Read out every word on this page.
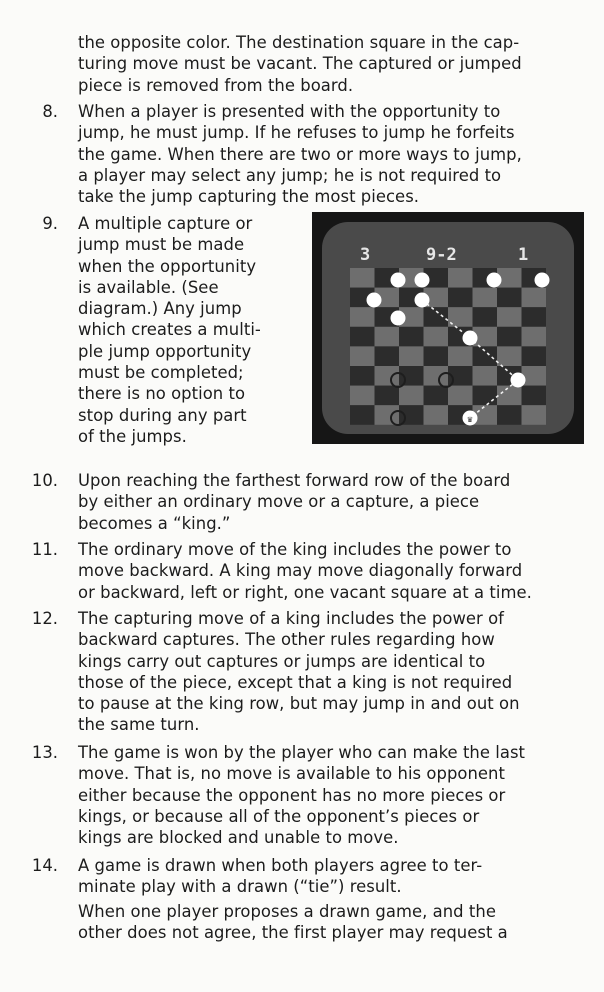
the opposite color. The destination square in the cap-
turing move must be vacant. The captured or jumped
piece is removed from the board.

8. When a player is presented with the opportunity to
jump, he must jump. If he refuses to jump he forfeits
the game. When there are two or more ways to jump,
a player may select any jump; he is not required to
take the jump capturing the most pieces.

9. A multiple capture or
jump must be made
when the opportunity
is available. (See
diagram.) Any jump
which creates a multi-
ple jump opportunity
must be completed;
there is no option to
stop during any part
of the jumps.

3	9-2	1
♛
10. Upon reaching the farthest forward row of the board
by either an ordinary move or a capture, a piece
becomes a “king.”

11. The ordinary move of the king includes the power to
move backward. A king may move diagonally forward
or backward, left or right, one vacant square at a time.

12. The capturing move of a king includes the power of
backward captures. The other rules regarding how
kings carry out captures or jumps are identical to
those of the piece, except that a king is not required
to pause at the king row, but may jump in and out on
the same turn.

13. The game is won by the player who can make the last
move. That is, no move is available to his opponent
either because the opponent has no more pieces or
kings, or because all of the opponent’s pieces or
kings are blocked and unable to move.

14. A game is drawn when both players agree to ter-
minate play with a drawn (“tie”) result.

When one player proposes a drawn game, and the
other does not agree, the first player may request a
